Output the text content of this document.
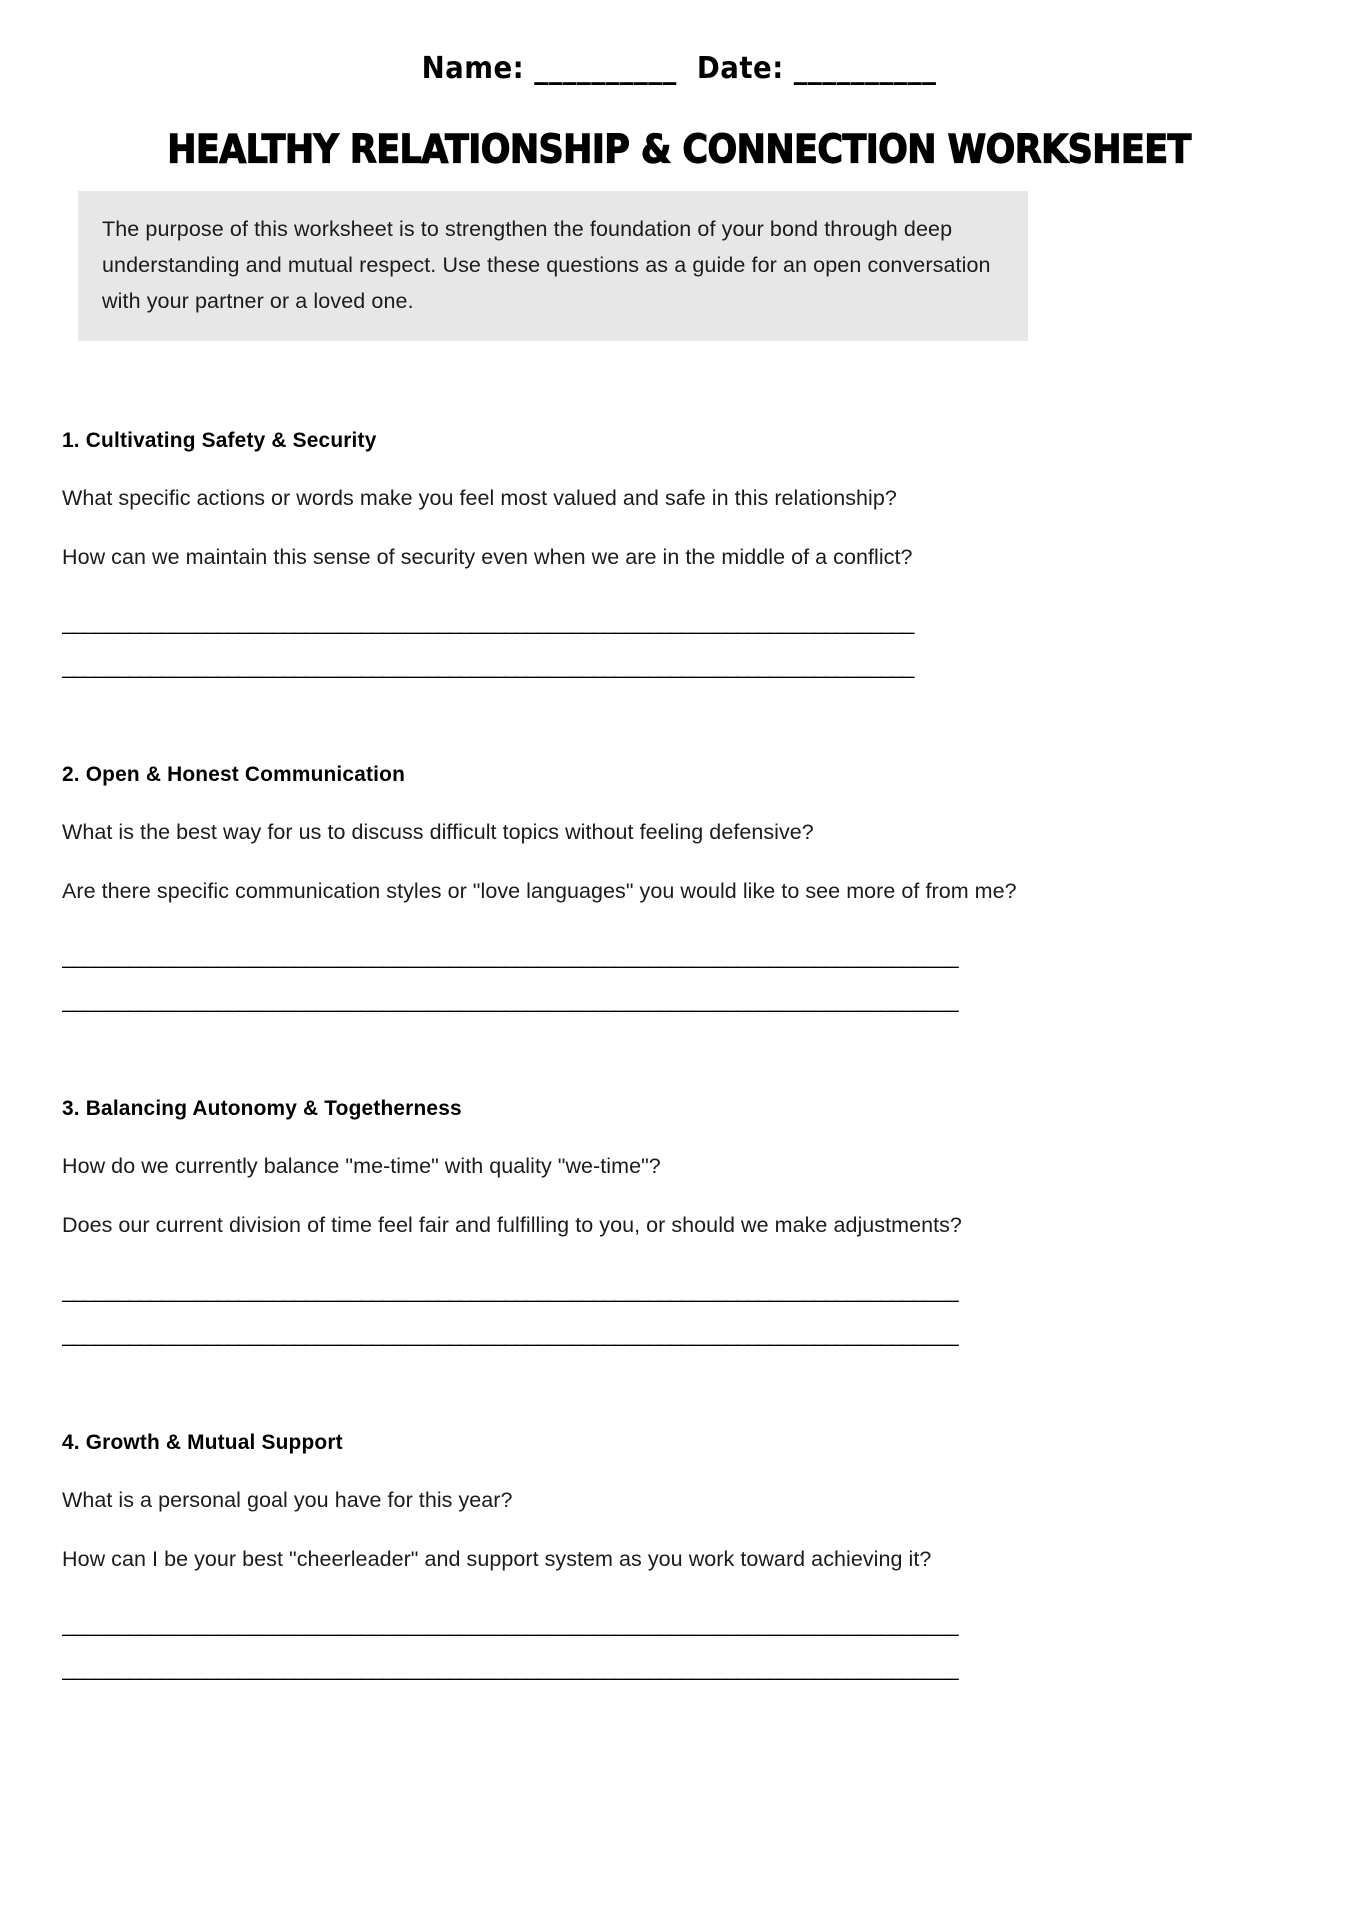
Name: __________  Date: __________
HEALTHY RELATIONSHIP & CONNECTION WORKSHEET
The purpose of this worksheet is to strengthen the foundation of your bond through deep understanding and mutual respect. Use these questions as a guide for an open conversation with your partner or a loved one.
1. Cultivating Safety & Security
What specific actions or words make you feel most valued and safe in this relationship?
How can we maintain this sense of security even when we are in the middle of a conflict?
_____________________________________________________________________________
_____________________________________________________________________________
2. Open & Honest Communication
What is the best way for us to discuss difficult topics without feeling defensive?
Are there specific communication styles or "love languages" you would like to see more of from me?
_________________________________________________________________________________
_________________________________________________________________________________
3. Balancing Autonomy & Togetherness
How do we currently balance "me-time" with quality "we-time"?
Does our current division of time feel fair and fulfilling to you, or should we make adjustments?
_________________________________________________________________________________
_________________________________________________________________________________
4. Growth & Mutual Support
What is a personal goal you have for this year?
How can I be your best "cheerleader" and support system as you work toward achieving it?
_________________________________________________________________________________
_________________________________________________________________________________
